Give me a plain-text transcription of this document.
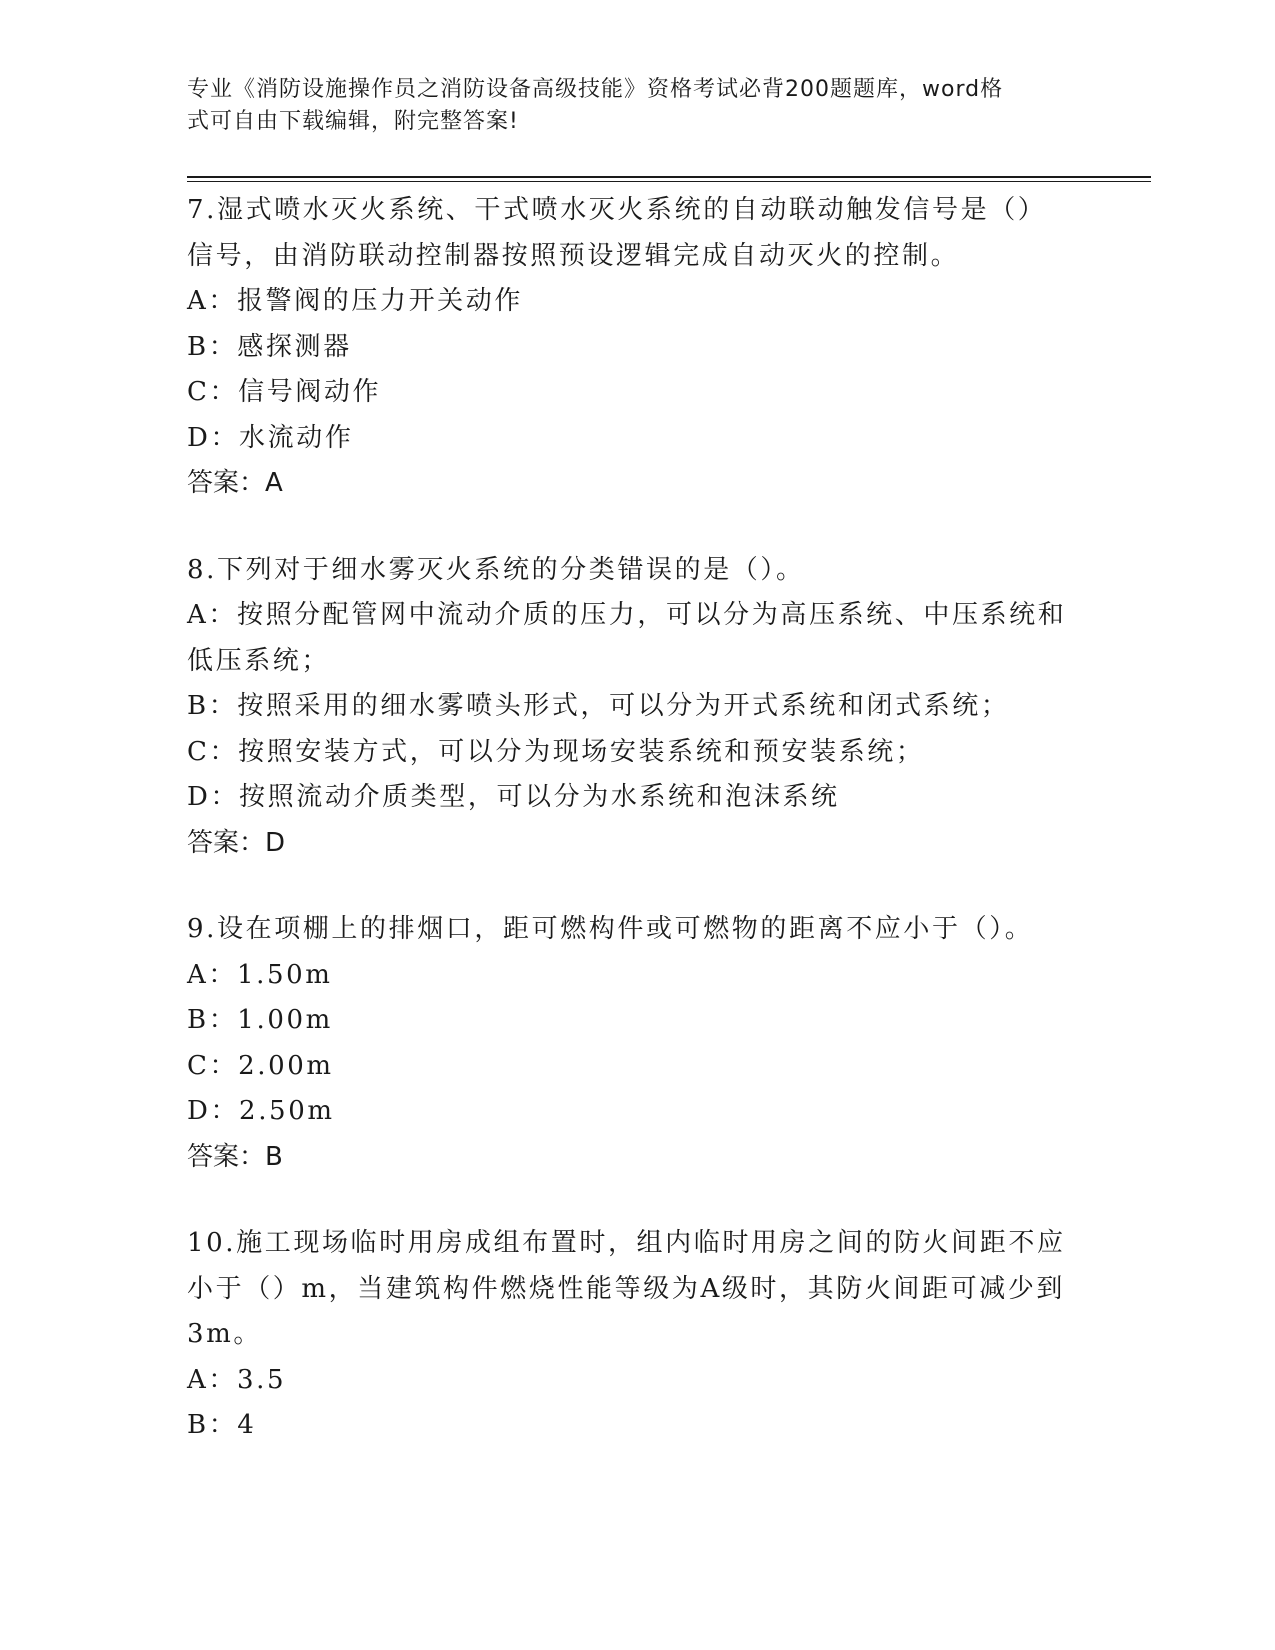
专业《消防设施操作员之消防设备高级技能》资格考试必背200题题库，word格
式可自由下载编辑，附完整答案!
7.湿式喷水灭火系统、干式喷水灭火系统的自动联动触发信号是（）
信号，由消防联动控制器按照预设逻辑完成自动灭火的控制。
A：报警阀的压力开关动作
B：感探测器
C：信号阀动作
D：水流动作
答案：A
8.下列对于细水雾灭火系统的分类错误的是（）。
A：按照分配管网中流动介质的压力，可以分为高压系统、中压系统和
低压系统；
B：按照采用的细水雾喷头形式，可以分为开式系统和闭式系统；
C：按照安装方式，可以分为现场安装系统和预安装系统；
D：按照流动介质类型，可以分为水系统和泡沫系统
答案：D
9.设在项棚上的排烟口，距可燃构件或可燃物的距离不应小于（）。
A：1.50m
B：1.00m
C：2.00m
D：2.50m
答案：B
10.施工现场临时用房成组布置时，组内临时用房之间的防火间距不应
小于（）m，当建筑构件燃烧性能等级为A级时，其防火间距可减少到
3m。
A：3.5
B：4
